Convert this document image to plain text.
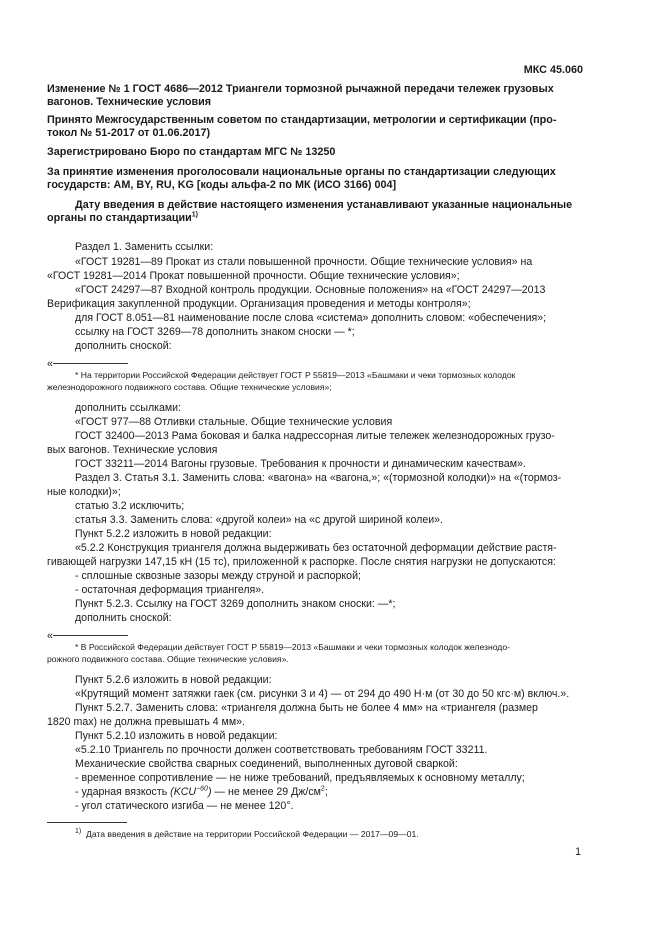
МКС 45.060
Изменение № 1 ГОСТ 4686—2012 Триангели тормозной рычажной передачи тележек грузовых
вагонов. Технические условия
Принято Межгосударственным советом по стандартизации, метрологии и сертификации (про-
токол № 51-2017 от 01.06.2017)
Зарегистрировано Бюро по стандартам МГС № 13250
За принятие изменения проголосовали национальные органы по стандартизации следующих
государств: AM, BY, RU, KG [коды альфа-2 по МК (ИСО 3166) 004]
Дату введения в действие настоящего изменения устанавливают указанные национальные
органы по стандартизации$^{1)}$
Раздел 1. Заменить ссылки:
«ГОСТ 19281—89 Прокат из стали повышенной прочности. Общие технические условия» на
«ГОСТ 19281—2014 Прокат повышенной прочности. Общие технические условия»;
«ГОСТ 24297—87 Входной контроль продукции. Основные положения» на «ГОСТ 24297—2013
Верификация закупленной продукции. Организация проведения и методы контроля»;
для ГОСТ 8.051—81 наименование после слова «система» дополнить словом: «обеспечения»;
ссылку на ГОСТ 3269—78 дополнить знаком сноски — *;
дополнить сноской:
«
* На территории Российской Федерации действует ГОСТ Р 55819—2013 «Башмаки и чеки тормозных колодок
железнодорожного подвижного состава. Общие технические условия»;
дополнить ссылками:
«ГОСТ 977—88 Отливки стальные. Общие технические условия
ГОСТ 32400—2013 Рама боковая и балка надрессорная литые тележек железнодорожных грузо-
вых вагонов. Технические условия
ГОСТ 33211—2014 Вагоны грузовые. Требования к прочности и динамическим качествам».
Раздел 3. Статья 3.1. Заменить слова: «вагона» на «вагона,»; «(тормозной колодки)» на «(тормоз-
ные колодки)»;
статью 3.2 исключить;
статья 3.3. Заменить слова: «другой колеи» на «с другой шириной колеи».
Пункт 5.2.2 изложить в новой редакции:
«5.2.2 Конструкция триангеля должна выдерживать без остаточной деформации действие растя-
гивающей нагрузки 147,15 кН (15 тс), приложенной к распорке. После снятия нагрузки не допускаются:
- сплошные сквозные зазоры между струной и распоркой;
- остаточная деформация триангеля».
Пункт 5.2.3. Ссылку на ГОСТ 3269 дополнить знаком сноски: —*;
дополнить сноской:
«
* В Российской Федерации действует ГОСТ Р 55819—2013 «Башмаки и чеки тормозных колодок железнодо-
рожного подвижного состава. Общие технические условия».
Пункт 5.2.6 изложить в новой редакции:
«Крутящий момент затяжки гаек (см. рисунки 3 и 4) — от 294 до 490 Н·м (от 30 до 50 кгс·м) включ.».
Пункт 5.2.7. Заменить слова: «триангеля должна быть не более 4 мм» на «триангеля (размер
1820 max) не должна превышать 4 мм».
Пункт 5.2.10 изложить в новой редакции:
«5.2.10 Триангель по прочности должен соответствовать требованиям ГОСТ 33211.
Механические свойства сварных соединений, выполненных дуговой сваркой:
- временное сопротивление — не ниже требований, предъявляемых к основному металлу;
- ударная вязкость $(KCU^{-60})$ — не менее 29 $Дж/см^2$;
- угол статического изгиба — не менее 120°.
$^{1)}$ Дата введения в действие на территории Российской Федерации — 2017—09—01.
1
